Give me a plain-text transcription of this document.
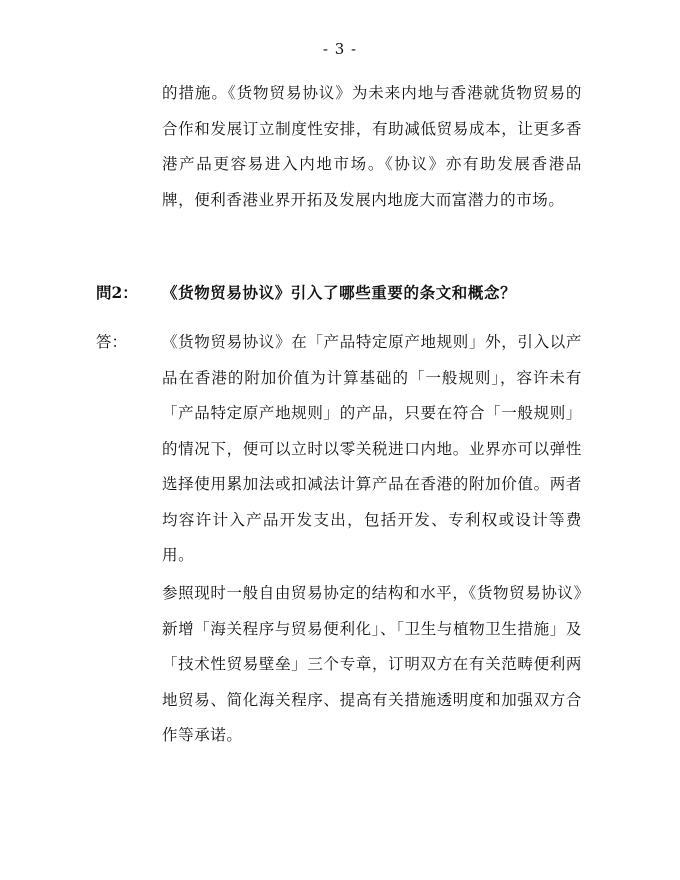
- 3 -

的措施。《货物贸易协议》为未来内地与香港就货物贸易的合作和发展订立制度性安排，有助减低贸易成本，让更多香港产品更容易进入内地市场。《协议》亦有助发展香港品牌，便利香港业界开拓及发展内地庞大而富潜力的市场。

問2： 《货物贸易协议》引入了哪些重要的条文和概念？
答： 《货物贸易协议》在「产品特定原产地规则」外，引入以产品在香港的附加价值为计算基础的「一般规则」，容许未有「产品特定原产地规则」的产品，只要在符合「一般规则」的情况下，便可以立时以零关税进口内地。业界亦可以弹性选择使用累加法或扣减法计算产品在香港的附加价值。两者均容许计入产品开发支出，包括开发、专利权或设计等费用。

参照现时一般自由贸易协定的结构和水平，《货物贸易协议》新增「海关程序与贸易便利化」、「卫生与植物卫生措施」及「技术性贸易壁垒」三个专章，订明双方在有关范畴便利两地贸易、简化海关程序、提高有关措施透明度和加强双方合作等承诺。
